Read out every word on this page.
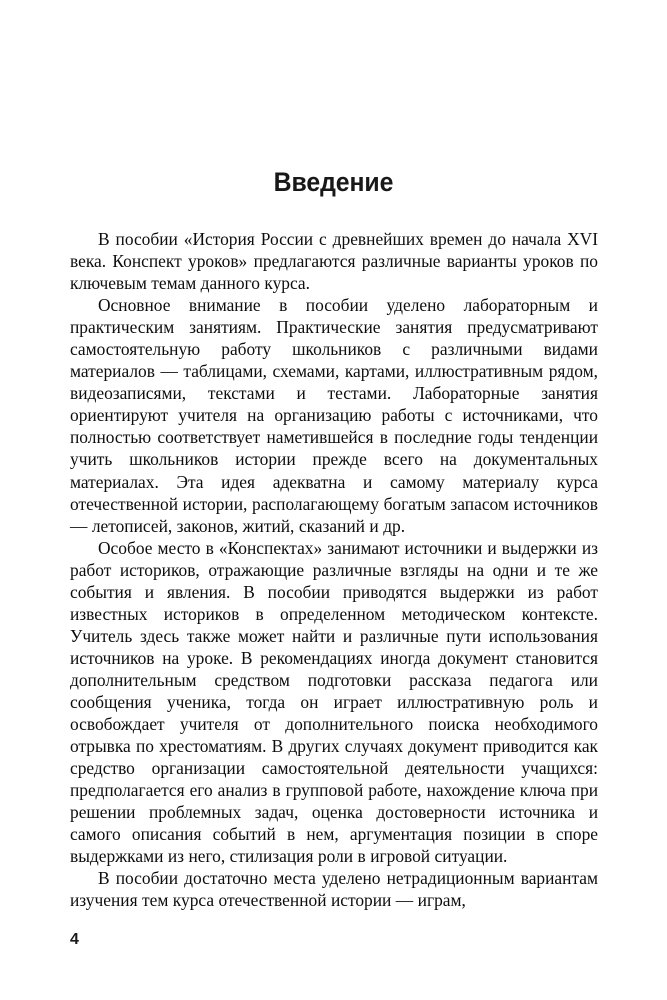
Введение

В пособии «История России с древнейших времен до начала XVI века. Конспект уроков» предлагаются различные варианты уроков по ключевым темам данного курса.

Основное внимание в пособии уделено лабораторным и практическим занятиям. Практические занятия предусматривают самостоятельную работу школьников с различными видами материалов — таблицами, схемами, картами, иллюстративным рядом, видеозаписями, текстами и тестами. Лабораторные занятия ориентируют учителя на организацию работы с источниками, что полностью соответствует наметившейся в последние годы тенденции учить школьников истории прежде всего на документальных материалах. Эта идея адекватна и самому материалу курса отечественной истории, располагающему богатым запасом источников — летописей, законов, житий, сказаний и др.

Особое место в «Конспектах» занимают источники и выдержки из работ историков, отражающие различные взгляды на одни и те же события и явления. В пособии приводятся выдержки из работ известных историков в определенном методическом контексте. Учитель здесь также может найти и различные пути использования источников на уроке. В рекомендациях иногда документ становится дополнительным средством подготовки рассказа педагога или сообщения ученика, тогда он играет иллюстративную роль и освобождает учителя от дополнительного поиска необходимого отрывка по хрестоматиям. В других случаях документ приводится как средство организации самостоятельной деятельности учащихся: предполагается его анализ в групповой работе, нахождение ключа при решении проблемных задач, оценка достоверности источника и самого описания событий в нем, аргументация позиции в споре выдержками из него, стилизация роли в игровой ситуации.

В пособии достаточно места уделено нетрадиционным вариантам изучения тем курса отечественной истории — играм,

4
